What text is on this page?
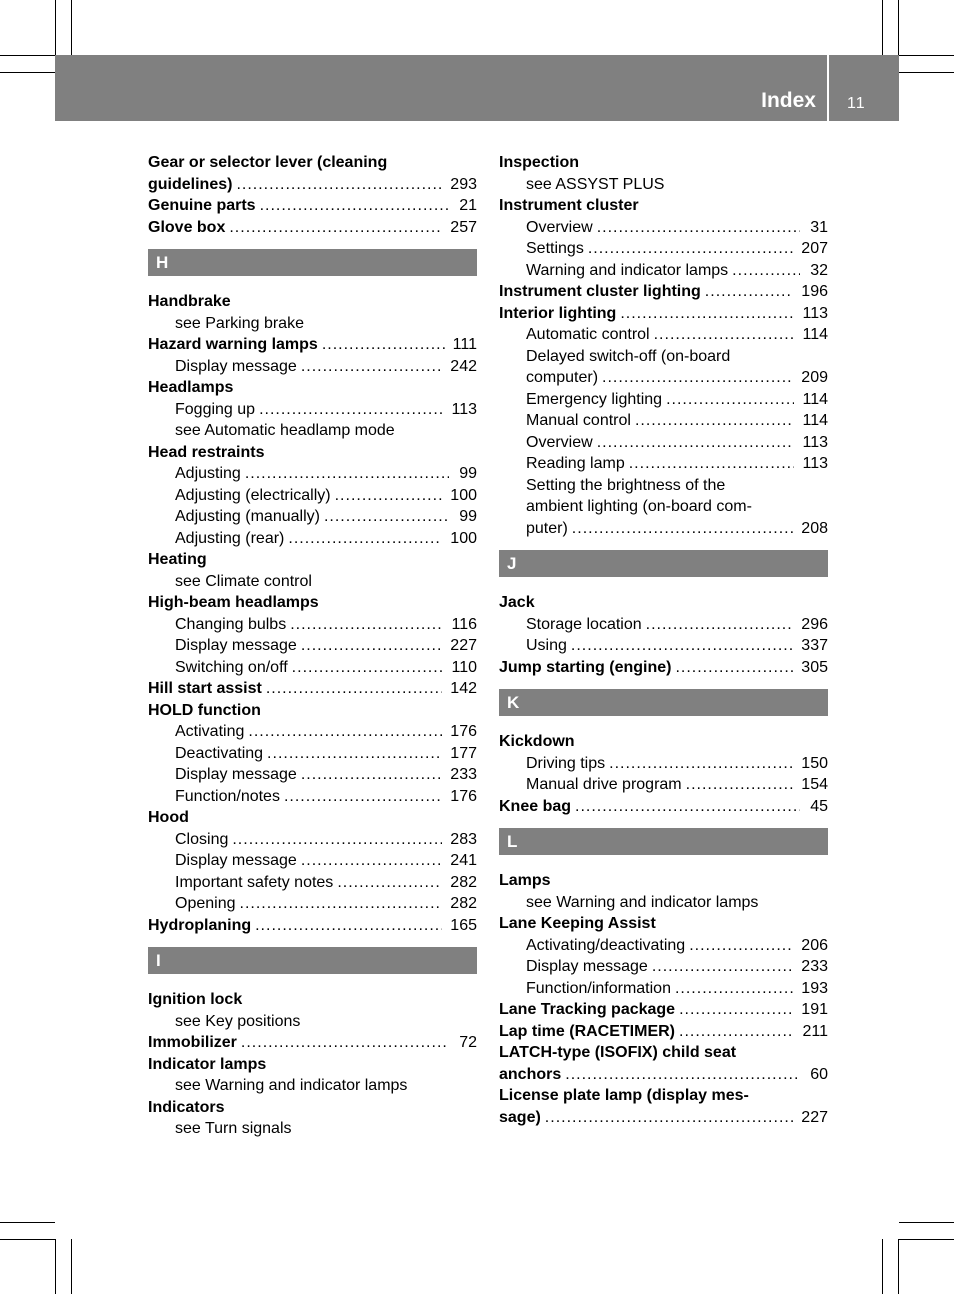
Index 11
Gear or selector lever (cleaning
guidelines) .....	293
Genuine parts .....	21
Glove box .....	257
H
Handbrake
see Parking brake
Hazard warning lamps .....	111
Display message .....	242
Headlamps
Fogging up .....	113
see Automatic headlamp mode
Head restraints
Adjusting .....	99
Adjusting (electrically) .....	100
Adjusting (manually) .....	99
Adjusting (rear) .....	100
Heating
see Climate control
High-beam headlamps
Changing bulbs .....	116
Display message .....	227
Switching on/off .....	110
Hill start assist .....	142
HOLD function
Activating .....	176
Deactivating .....	177
Display message .....	233
Function/notes .....	176
Hood
Closing .....	283
Display message .....	241
Important safety notes .....	282
Opening .....	282
Hydroplaning .....	165
I
Ignition lock
see Key positions
Immobilizer .....	72
Indicator lamps
see Warning and indicator lamps
Indicators
see Turn signals
Inspection
see ASSYST PLUS
Instrument cluster
Overview .....	31
Settings .....	207
Warning and indicator lamps .....	32
Instrument cluster lighting .....	196
Interior lighting .....	113
Automatic control .....	114
Delayed switch-off (on-board
computer) .....	209
Emergency lighting .....	114
Manual control .....	114
Overview .....	113
Reading lamp .....	113
Setting the brightness of the
ambient lighting (on-board com-
puter) .....	208
J
Jack
Storage location .....	296
Using .....	337
Jump starting (engine) .....	305
K
Kickdown
Driving tips .....	150
Manual drive program .....	154
Knee bag .....	45
L
Lamps
see Warning and indicator lamps
Lane Keeping Assist
Activating/deactivating .....	206
Display message .....	233
Function/information .....	193
Lane Tracking package .....	191
Lap time (RACETIMER) .....	211
LATCH-type (ISOFIX) child seat
anchors .....	60
License plate lamp (display mes-
sage) .....	227
